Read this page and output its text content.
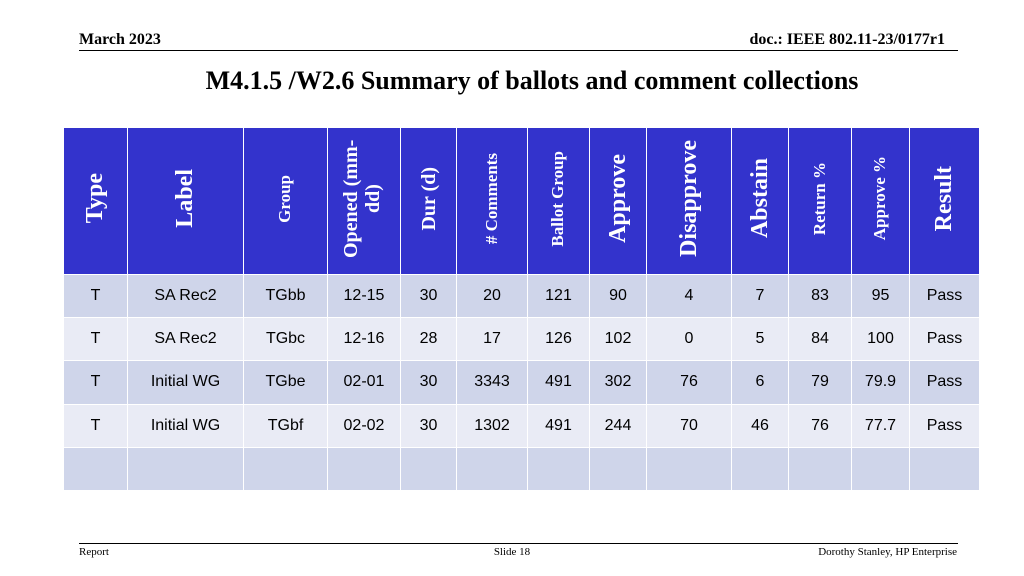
March 2023	doc.: IEEE 802.11-23/0177r1
M4.1.5 /W2.6 Summary of ballots and comment collections
Type	Label	Group	Opened (mm-dd)	Dur (d)	# Comments	Ballot Group	Approve	Disapprove	Abstain	Return %	Approve %	Result
T	SA Rec2	TGbb	12-15	30	20	121	90	4	7	83	95	Pass
T	SA Rec2	TGbc	12-16	28	17	126	102	0	5	84	100	Pass
T	Initial WG	TGbe	02-01	30	3343	491	302	76	6	79	79.9	Pass
T	Initial WG	TGbf	02-02	30	1302	491	244	70	46	76	77.7	Pass

Report	Slide 18	Dorothy Stanley, HP Enterprise
